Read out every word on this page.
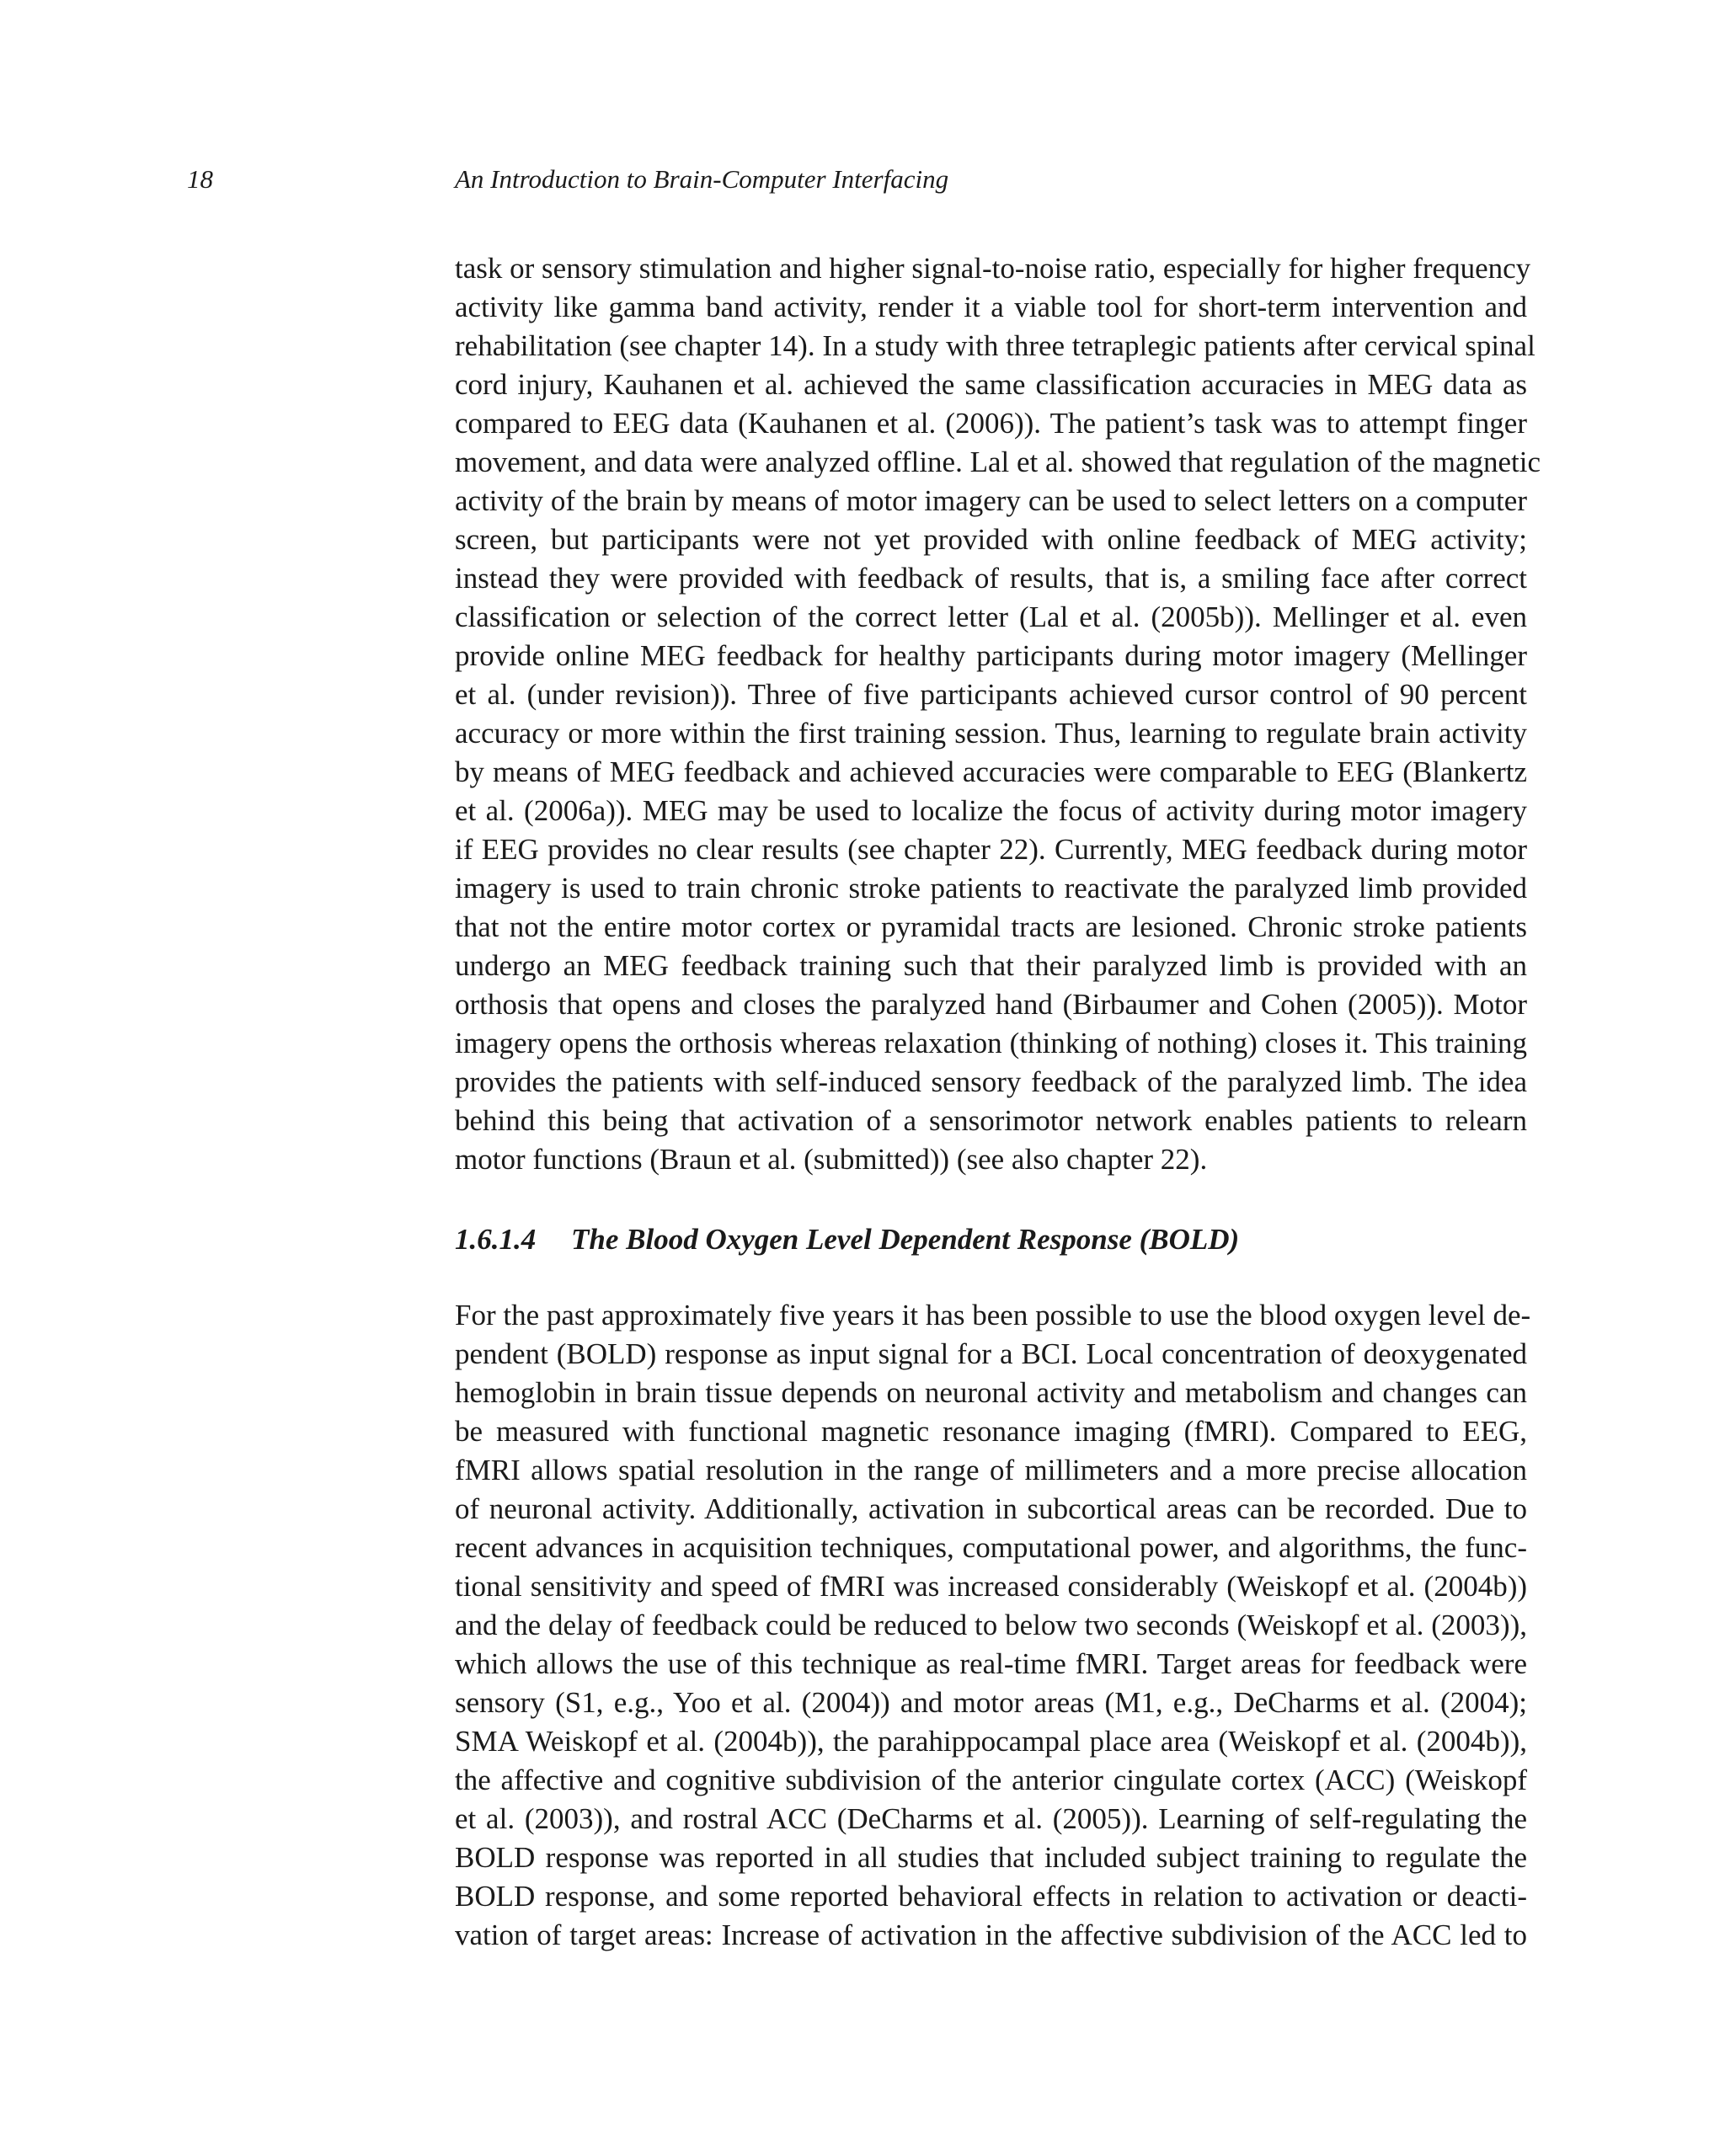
18	An Introduction to Brain-Computer Interfacing
task or sensory stimulation and higher signal-to-noise ratio, especially for higher frequency
activity like gamma band activity, render it a viable tool for short-term intervention and
rehabilitation (see chapter 14). In a study with three tetraplegic patients after cervical spinal
cord injury, Kauhanen et al. achieved the same classification accuracies in MEG data as
compared to EEG data (Kauhanen et al. (2006)). The patient’s task was to attempt finger
movement, and data were analyzed offline. Lal et al. showed that regulation of the magnetic
activity of the brain by means of motor imagery can be used to select letters on a computer
screen, but participants were not yet provided with online feedback of MEG activity;
instead they were provided with feedback of results, that is, a smiling face after correct
classification or selection of the correct letter (Lal et al. (2005b)). Mellinger et al. even
provide online MEG feedback for healthy participants during motor imagery (Mellinger
et al. (under revision)). Three of five participants achieved cursor control of 90 percent
accuracy or more within the first training session. Thus, learning to regulate brain activity
by means of MEG feedback and achieved accuracies were comparable to EEG (Blankertz
et al. (2006a)). MEG may be used to localize the focus of activity during motor imagery
if EEG provides no clear results (see chapter 22). Currently, MEG feedback during motor
imagery is used to train chronic stroke patients to reactivate the paralyzed limb provided
that not the entire motor cortex or pyramidal tracts are lesioned. Chronic stroke patients
undergo an MEG feedback training such that their paralyzed limb is provided with an
orthosis that opens and closes the paralyzed hand (Birbaumer and Cohen (2005)). Motor
imagery opens the orthosis whereas relaxation (thinking of nothing) closes it. This training
provides the patients with self-induced sensory feedback of the paralyzed limb. The idea
behind this being that activation of a sensorimotor network enables patients to relearn
motor functions (Braun et al. (submitted)) (see also chapter 22).
1.6.1.4 The Blood Oxygen Level Dependent Response (BOLD)
For the past approximately five years it has been possible to use the blood oxygen level de-
pendent (BOLD) response as input signal for a BCI. Local concentration of deoxygenated
hemoglobin in brain tissue depends on neuronal activity and metabolism and changes can
be measured with functional magnetic resonance imaging (fMRI). Compared to EEG,
fMRI allows spatial resolution in the range of millimeters and a more precise allocation
of neuronal activity. Additionally, activation in subcortical areas can be recorded. Due to
recent advances in acquisition techniques, computational power, and algorithms, the func-
tional sensitivity and speed of fMRI was increased considerably (Weiskopf et al. (2004b))
and the delay of feedback could be reduced to below two seconds (Weiskopf et al. (2003)),
which allows the use of this technique as real-time fMRI. Target areas for feedback were
sensory (S1, e.g., Yoo et al. (2004)) and motor areas (M1, e.g., DeCharms et al. (2004);
SMA Weiskopf et al. (2004b)), the parahippocampal place area (Weiskopf et al. (2004b)),
the affective and cognitive subdivision of the anterior cingulate cortex (ACC) (Weiskopf
et al. (2003)), and rostral ACC (DeCharms et al. (2005)). Learning of self-regulating the
BOLD response was reported in all studies that included subject training to regulate the
BOLD response, and some reported behavioral effects in relation to activation or deacti-
vation of target areas: Increase of activation in the affective subdivision of the ACC led to
